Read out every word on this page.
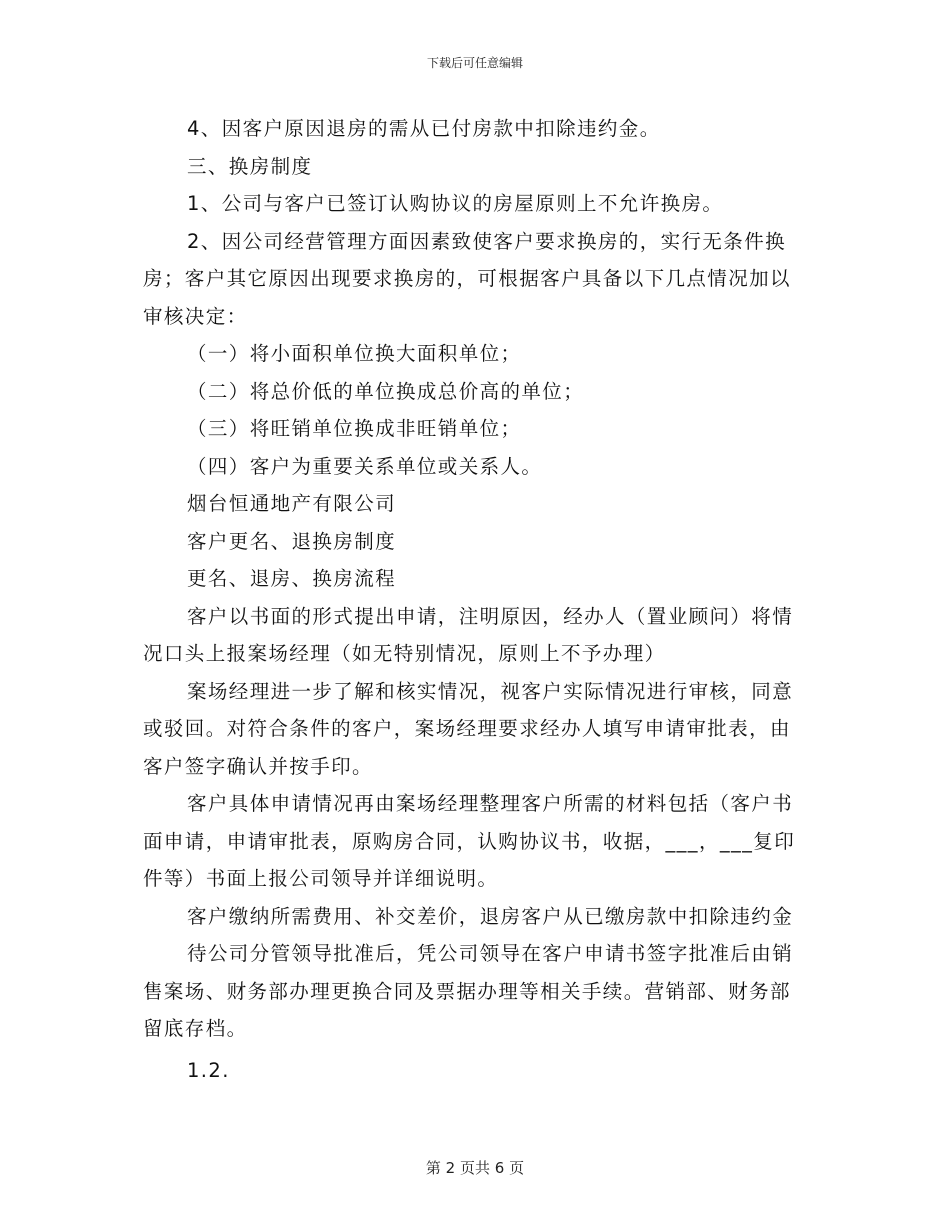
下载后可任意编辑

4、因客户原因退房的需从已付房款中扣除违约金。

三、换房制度

1、公司与客户已签订认购协议的房屋原则上不允许换房。

2、因公司经营管理方面因素致使客户要求换房的，实行无条件换房；客户其它原因出现要求换房的，可根据客户具备以下几点情况加以审核决定：

（一）将小面积单位换大面积单位；

（二）将总价低的单位换成总价高的单位；

（三）将旺销单位换成非旺销单位；

（四）客户为重要关系单位或关系人。

烟台恒通地产有限公司

客户更名、退换房制度

更名、退房、换房流程

客户以书面的形式提出申请，注明原因，经办人（置业顾问）将情况口头上报案场经理（如无特别情况，原则上不予办理）

案场经理进一步了解和核实情况，视客户实际情况进行审核，同意或驳回。对符合条件的客户，案场经理要求经办人填写申请审批表，由客户签字确认并按手印。

客户具体申请情况再由案场经理整理客户所需的材料包括（客户书面申请，申请审批表，原购房合同，认购协议书，收据，___，___复印件等）书面上报公司领导并详细说明。

客户缴纳所需费用、补交差价，退房客户从已缴房款中扣除违约金

待公司分管领导批准后，凭公司领导在客户申请书签字批准后由销售案场、财务部办理更换合同及票据办理等相关手续。营销部、财务部留底存档。

1.2.

第 2 页共 6 页
